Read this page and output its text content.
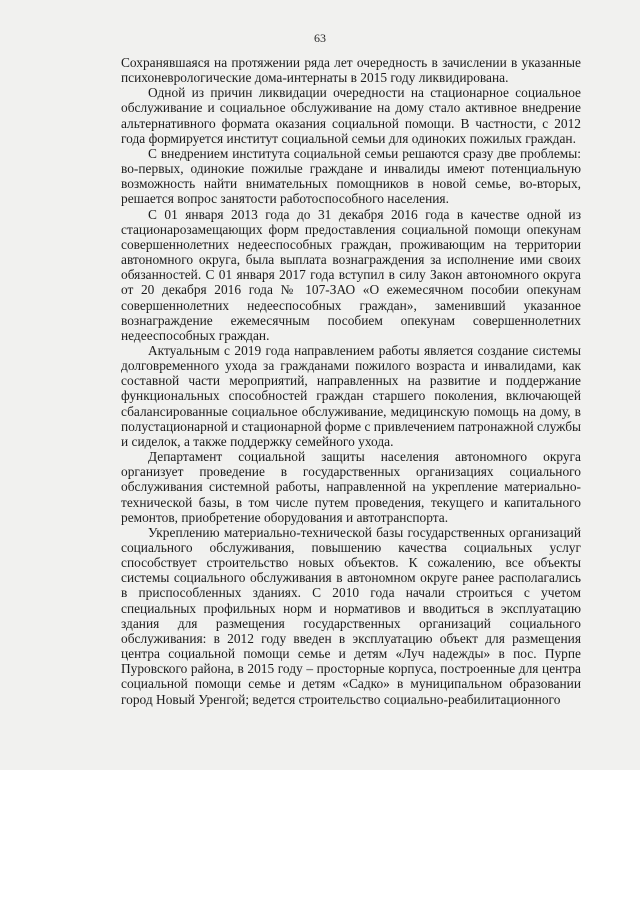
63

Сохранявшаяся на протяжении ряда лет очередность в зачислении в указанные психоневрологические дома-интернаты в 2015 году ликвидирована.

Одной из причин ликвидации очередности на стационарное социальное обслуживание и социальное обслуживание на дому стало активное внедрение альтернативного формата оказания социальной помощи. В частности, с 2012 года формируется институт социальной семьи для одиноких пожилых граждан.

С внедрением института социальной семьи решаются сразу две проблемы: во-первых, одинокие пожилые граждане и инвалиды имеют потенциальную возможность найти внимательных помощников в новой семье, во-вторых, решается вопрос занятости работоспособного населения.

С 01 января 2013 года до 31 декабря 2016 года в качестве одной из стационарозамещающих форм предоставления социальной помощи опекунам совершеннолетних недееспособных граждан, проживающим на территории автономного округа, была выплата вознаграждения за исполнение ими своих обязанностей. С 01 января 2017 года вступил в силу Закон автономного округа от 20 декабря 2016 года № 107-ЗАО «О ежемесячном пособии опекунам совершеннолетних недееспособных граждан», заменивший указанное вознаграждение ежемесячным пособием опекунам совершеннолетних недееспособных граждан.

Актуальным с 2019 года направлением работы является создание системы долговременного ухода за гражданами пожилого возраста и инвалидами, как составной части мероприятий, направленных на развитие и поддержание функциональных способностей граждан старшего поколения, включающей сбалансированные социальное обслуживание, медицинскую помощь на дому, в полустационарной и стационарной форме с привлечением патронажной службы и сиделок, а также поддержку семейного ухода.

Департамент социальной защиты населения автономного округа организует проведение в государственных организациях социального обслуживания системной работы, направленной на укрепление материально-технической базы, в том числе путем проведения, текущего и капитального ремонтов, приобретение оборудования и автотранспорта.

Укреплению материально-технической базы государственных организаций социального обслуживания, повышению качества социальных услуг способствует строительство новых объектов. К сожалению, все объекты системы социального обслуживания в автономном округе ранее располагались в приспособленных зданиях. С 2010 года начали строиться с учетом специальных профильных норм и нормативов и вводиться в эксплуатацию здания для размещения государственных организаций социального обслуживания: в 2012 году введен в эксплуатацию объект для размещения центра социальной помощи семье и детям «Луч надежды» в пос. Пурпе Пуровского района, в 2015 году – просторные корпуса, построенные для центра социальной помощи семье и детям «Садко» в муниципальном образовании город Новый Уренгой; ведется строительство социально-реабилитационного
